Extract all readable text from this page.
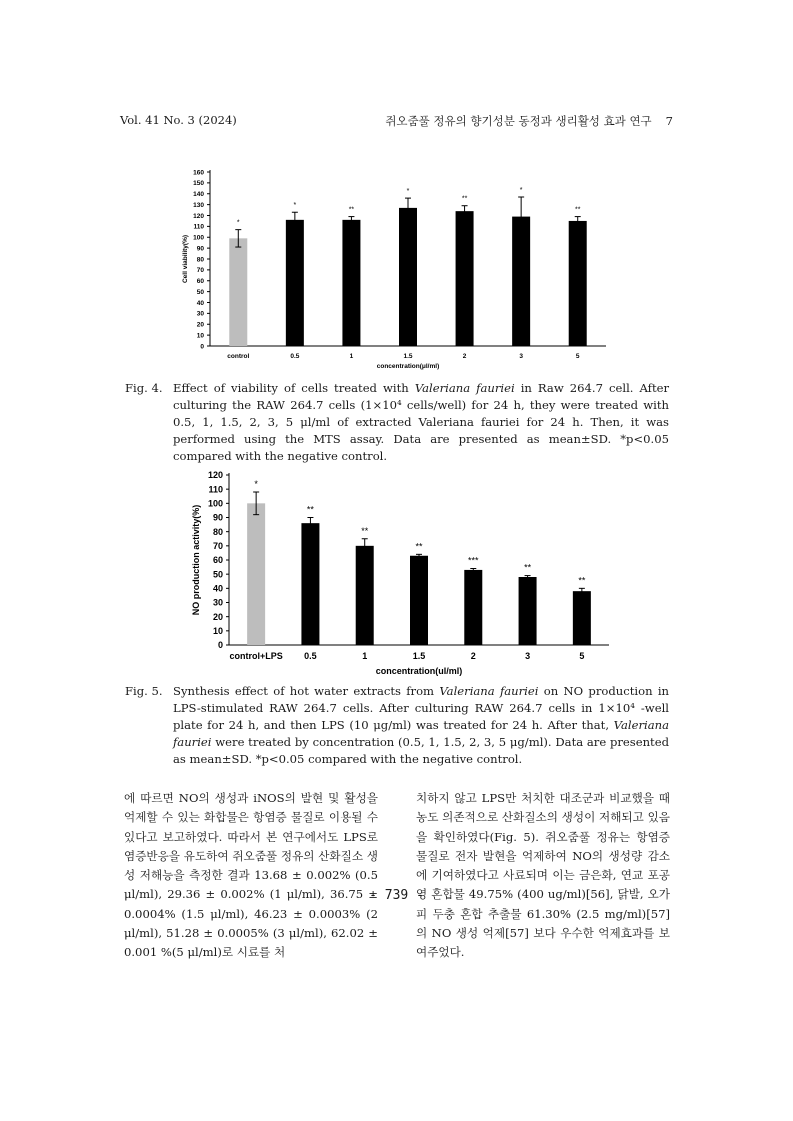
Vol. 41 No. 3 (2024)	쥐오줌풀 정유의 향기성분 동정과 생리활성 효과 연구 7
0
10
20
30
40
50
60
70
80
90
100
110
120
130
140
150
160
*
control
*
0.5
**
1
*
1.5
**
2
*
3
**
5
Cell viability(%)
concentration(μl/ml)
Fig. 4. Effect of viability of cells treated with Valeriana fauriei in Raw 264.7 cell. After culturing the RAW 264.7 cells (1×10⁴ cells/well) for 24 h, they were treated with 0.5, 1, 1.5, 2, 3, 5 μl/ml of extracted Valeriana fauriei for 24 h. Then, it was performed using the MTS assay. Data are presented as mean±SD. *p<0.05 compared with the negative control.
0
10
20
30
40
50
60
70
80
90
100
110
120
*
control+LPS
**
0.5
**
1
**
1.5
***
2
**
3
**
5
NO production activity(%)
concentration(ul/ml)
Fig. 5. Synthesis effect of hot water extracts from Valeriana fauriei on NO production in LPS-stimulated RAW 264.7 cells. After culturing RAW 264.7 cells in 1×10⁴ -well plate for 24 h, and then LPS (10 μg/ml) was treated for 24 h. After that, Valeriana fauriei were treated by concentration (0.5, 1, 1.5, 2, 3, 5 μg/ml). Data are presented as mean±SD. *p<0.05 compared with the negative control.
에 따르면 NO의 생성과 iNOS의 발현 및 활성을 억제할 수 있는 화합물은 항염증 물질로 이용될 수 있다고 보고하였다. 따라서 본 연구에서도 LPS로 염증반응을 유도하여 쥐오줌풀 정유의 산화질소 생성 저해능을 측정한 결과 13.68 ± 0.002% (0.5 μl/ml), 29.36 ± 0.002% (1 μl/ml), 36.75 ± 0.0004% (1.5 μl/ml), 46.23 ± 0.0003% (2 μl/ml), 51.28 ± 0.0005% (3 μl/ml), 62.02 ± 0.001 %(5 μl/ml)로 시료를 처
치하지 않고 LPS만 처치한 대조군과 비교했을 때 농도 의존적으로 산화질소의 생성이 저해되고 있음을 확인하였다(Fig. 5). 쥐오줌풀 정유는 항염증 물질로 전자 발현을 억제하여 NO의 생성량 감소에 기여하였다고 사료되며 이는 금은화, 연교 포공영 혼합물 49.75% (400 ug/ml)[56], 닭발, 오가피 두충 혼합 추출물 61.30% (2.5 mg/ml)[57]의 NO 생성 억제[57] 보다 우수한 억제효과를 보여주었다.
- 739 -
